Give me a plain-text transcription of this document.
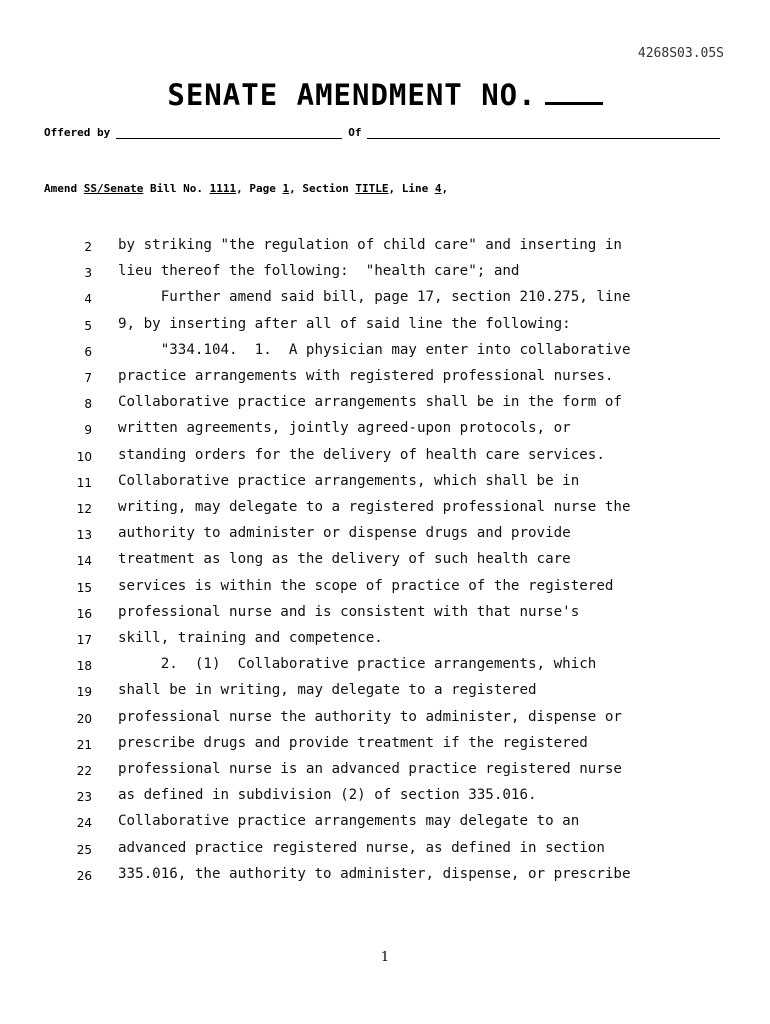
4268S03.05S
SENATE AMENDMENT NO.
Offered by	Of
Amend SS/Senate Bill No. 1111, Page 1, Section TITLE, Line 4,
2 by striking "the regulation of child care" and inserting in
3 lieu thereof the following:  "health care"; and
4 Further amend said bill, page 17, section 210.275, line
5 9, by inserting after all of said line the following:
6 "334.104.  1.  A physician may enter into collaborative
7 practice arrangements with registered professional nurses.
8 Collaborative practice arrangements shall be in the form of
9 written agreements, jointly agreed-upon protocols, or
10 standing orders for the delivery of health care services.
11 Collaborative practice arrangements, which shall be in
12 writing, may delegate to a registered professional nurse the
13 authority to administer or dispense drugs and provide
14 treatment as long as the delivery of such health care
15 services is within the scope of practice of the registered
16 professional nurse and is consistent with that nurse's
17 skill, training and competence.
18 2.  (1)  Collaborative practice arrangements, which
19 shall be in writing, may delegate to a registered
20 professional nurse the authority to administer, dispense or
21 prescribe drugs and provide treatment if the registered
22 professional nurse is an advanced practice registered nurse
23 as defined in subdivision (2) of section 335.016.
24 Collaborative practice arrangements may delegate to an
25 advanced practice registered nurse, as defined in section
26 335.016, the authority to administer, dispense, or prescribe
1
